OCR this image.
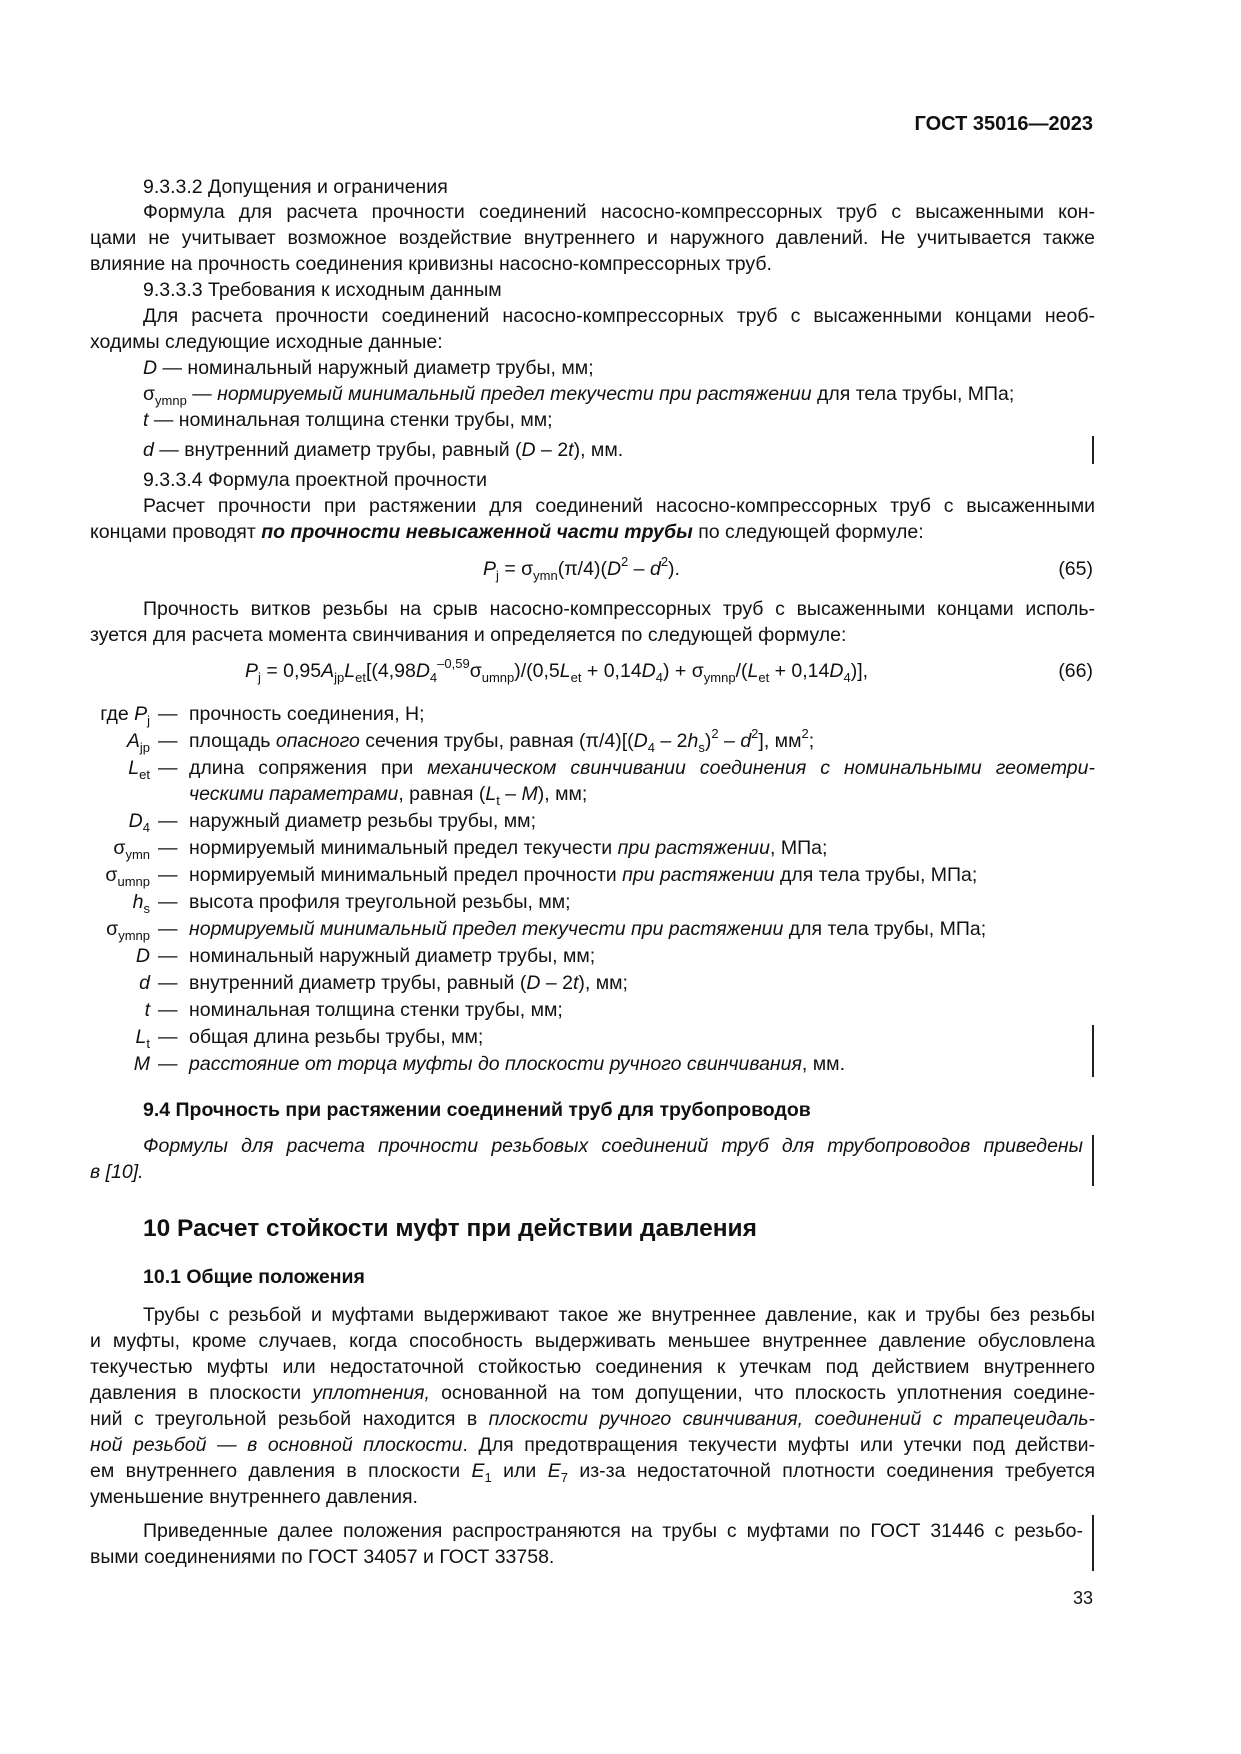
ГОСТ 35016—2023
9.3.3.2 Допущения и ограничения
Формула для расчета прочности соединений насосно-компрессорных труб с высаженными кон-
цами не учитывает возможное воздействие внутреннего и наружного давлений. Не учитывается также
влияние на прочность соединения кривизны насосно-компрессорных труб.
9.3.3.3 Требования к исходным данным
Для расчета прочности соединений насосно-компрессорных труб с высаженными концами необ-
ходимы следующие исходные данные:
D — номинальный наружный диаметр трубы, мм;
$\sigma_{ymnp}$ — нормируемый минимальный предел текучести при растяжении для тела трубы, МПа;
t — номинальная толщина стенки трубы, мм;
d — внутренний диаметр трубы, равный (D – 2t), мм.
9.3.3.4 Формула проектной прочности
Расчет прочности при растяжении для соединений насосно-компрессорных труб с высаженными
концами проводят по прочности невысаженной части трубы по следующей формуле:
$P_j = \sigma_{ymn}(\pi/4)(D^2 - d^2)$.	(65)
Прочность витков резьбы на срыв насосно-компрессорных труб с высаженными концами исполь-
зуется для расчета момента свинчивания и определяется по следующей формуле:
$P_j = 0,95A_{jp}L_{et}[(4,98D_4^{-0,59}\sigma_{umnp})/(0,5L_{et} + 0,14D_4) + \sigma_{ymnp}/(L_{et} + 0,14D_4)]$,	(66)
где $P_j$ — прочность соединения, Н;
$A_{jp}$ — площадь опасного сечения трубы, равная $(\pi/4)[(D_4 - 2h_s)^2 - d^2]$, $мм^2$;
$L_{et}$ — длина сопряжения при механическом свинчивании соединения с номинальными геометри-
ческими параметрами, равная $(L_t - M)$, мм;
$D_4$ — наружный диаметр резьбы трубы, мм;
$\sigma_{ymn}$ — нормируемый минимальный предел текучести при растяжении, МПа;
$\sigma_{umnp}$ — нормируемый минимальный предел прочности при растяжении для тела трубы, МПа;
$h_s$ — высота профиля треугольной резьбы, мм;
$\sigma_{ymnp}$ — нормируемый минимальный предел текучести при растяжении для тела трубы, МПа;
D — номинальный наружный диаметр трубы, мм;
d — внутренний диаметр трубы, равный (D – 2t), мм;
t — номинальная толщина стенки трубы, мм;
$L_t$ — общая длина резьбы трубы, мм;
M — расстояние от торца муфты до плоскости ручного свинчивания, мм.
9.4 Прочность при растяжении соединений труб для трубопроводов
Формулы для расчета прочности резьбовых соединений труб для трубопроводов приведены
в [10].
10 Расчет стойкости муфт при действии давления
10.1 Общие положения
Трубы с резьбой и муфтами выдерживают такое же внутреннее давление, как и трубы без резьбы
и муфты, кроме случаев, когда способность выдерживать меньшее внутреннее давление обусловлена
текучестью муфты или недостаточной стойкостью соединения к утечкам под действием внутреннего
давления в плоскости уплотнения, основанной на том допущении, что плоскость уплотнения соедине-
ний с треугольной резьбой находится в плоскости ручного свинчивания, соединений с трапецеидаль-
ной резьбой — в основной плоскости. Для предотвращения текучести муфты или утечки под действи-
ем внутреннего давления в плоскости $E_1$ или $E_7$ из-за недостаточной плотности соединения требуется
уменьшение внутреннего давления.
Приведенные далее положения распространяются на трубы с муфтами по ГОСТ 31446 с резьбо-
выми соединениями по ГОСТ 34057 и ГОСТ 33758.
33
